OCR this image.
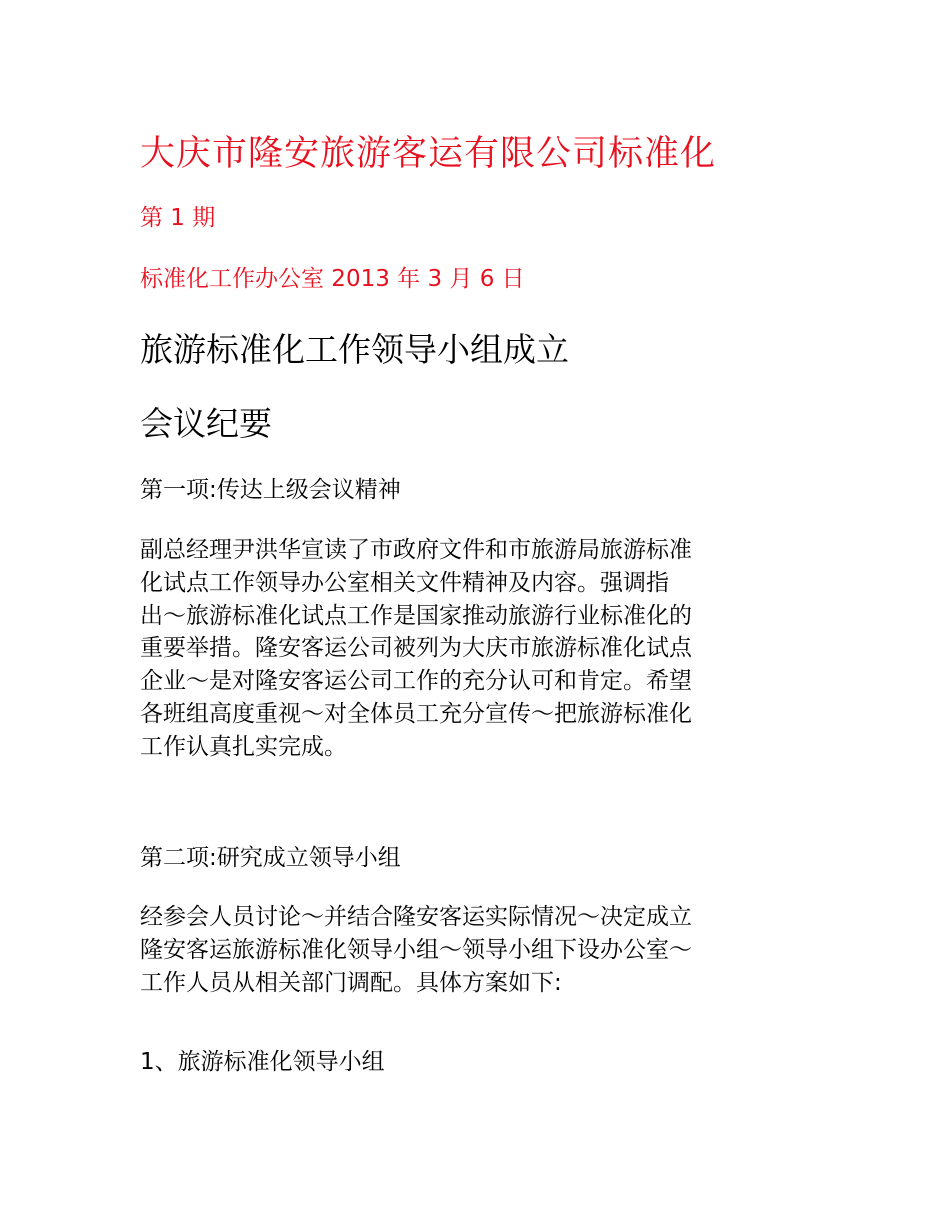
大庆市隆安旅游客运有限公司标准化

第 1 期

标准化工作办公室 2013 年 3 月 6 日

旅游标准化工作领导小组成立
会议纪要
第一项:传达上级会议精神
副总经理尹洪华宣读了市政府文件和市旅游局旅游标准
化试点工作领导办公室相关文件精神及内容。强调指
出～旅游标准化试点工作是国家推动旅游行业标准化的
重要举措。隆安客运公司被列为大庆市旅游标准化试点
企业～是对隆安客运公司工作的充分认可和肯定。希望
各班组高度重视～对全体员工充分宣传～把旅游标准化
工作认真扎实完成。
第二项:研究成立领导小组
经参会人员讨论～并结合隆安客运实际情况～决定成立
隆安客运旅游标准化领导小组～领导小组下设办公室～
工作人员从相关部门调配。具体方案如下:

1、旅游标准化领导小组
